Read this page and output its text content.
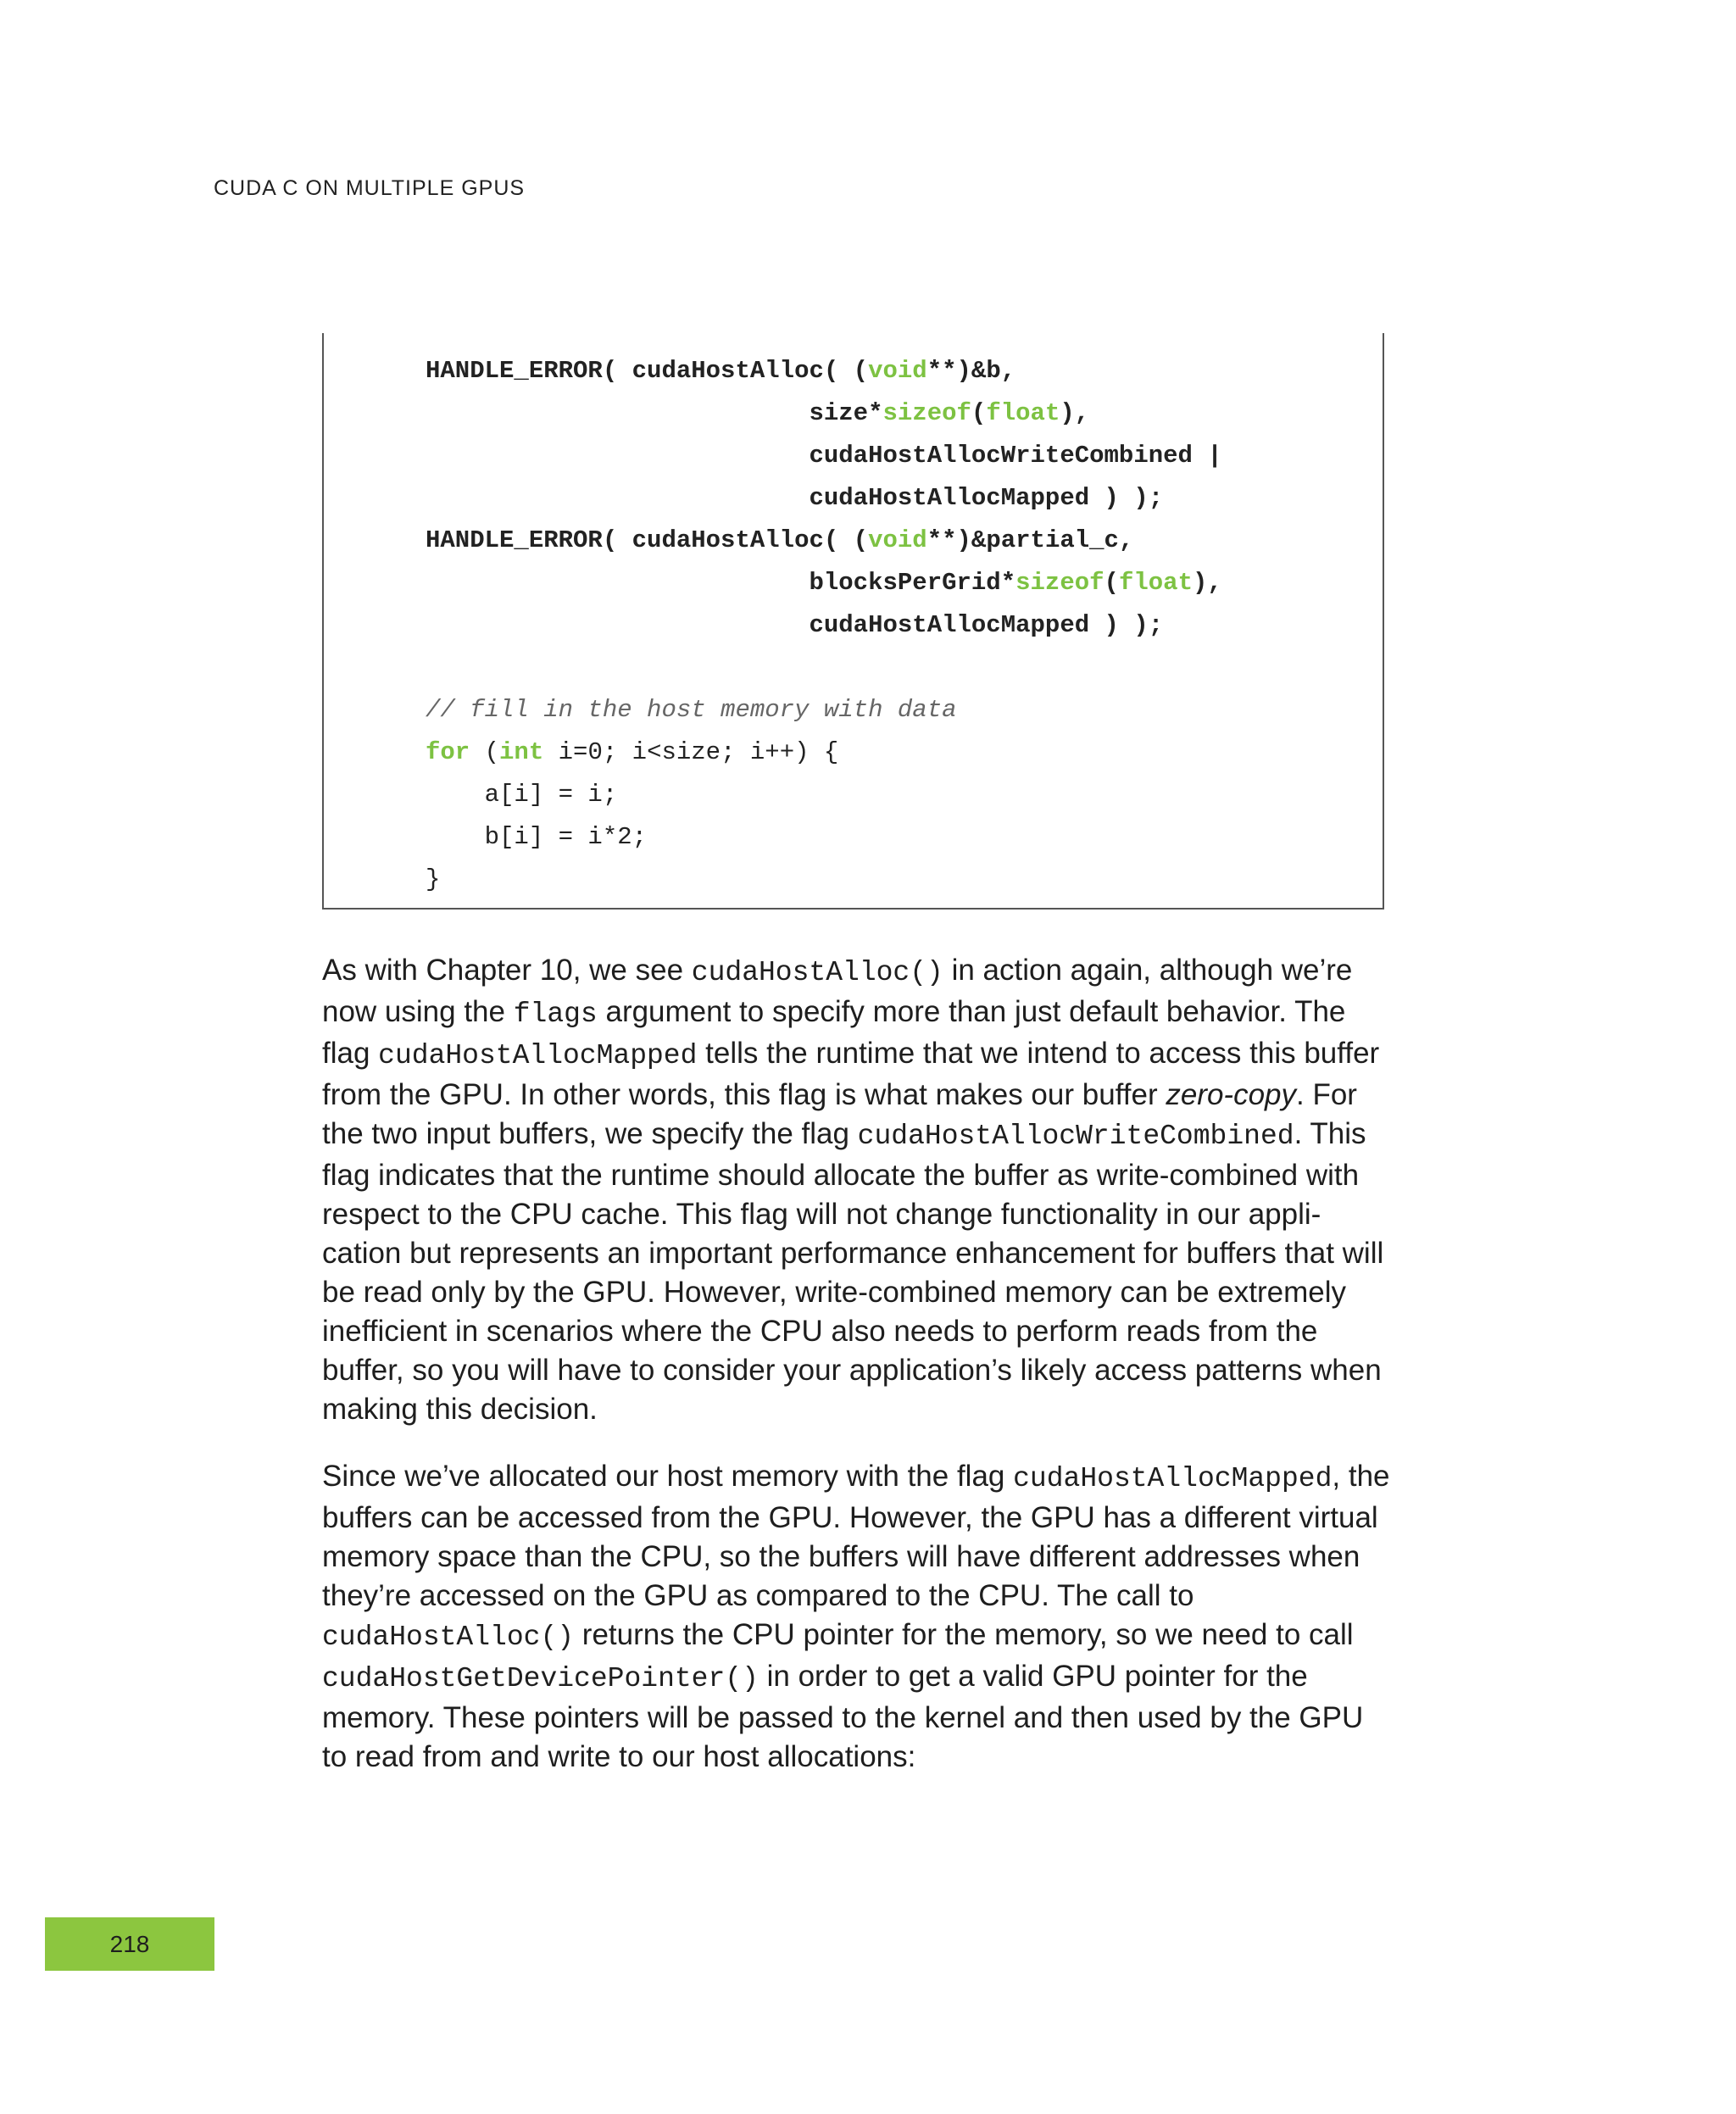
CUDA C ON MULTIPLE GPUS
HANDLE_ERROR( cudaHostAlloc( (void**)&b,
size*sizeof(float),
cudaHostAllocWriteCombined |
cudaHostAllocMapped ) );
HANDLE_ERROR( cudaHostAlloc( (void**)&partial_c,
blocksPerGrid*sizeof(float),
cudaHostAllocMapped ) );

// fill in the host memory with data
for (int i=0; i<size; i++) {
a[i] = i;
b[i] = i*2;
}

As with Chapter 10, we see cudaHostAlloc() in action again, although we’re now using the flags argument to specify more than just default behavior. The flag cudaHostAllocMapped tells the runtime that we intend to access this buffer from the GPU. In other words, this flag is what makes our buffer zero-copy. For the two input buffers, we specify the flag cudaHostAllocWriteCombined. This flag indicates that the runtime should allocate the buffer as write-combined with respect to the CPU cache. This flag will not change functionality in our appli-cation but represents an important performance enhancement for buffers that will be read only by the GPU. However, write-combined memory can be extremely inefficient in scenarios where the CPU also needs to perform reads from the buffer, so you will have to consider your application’s likely access patterns when making this decision.

Since we’ve allocated our host memory with the flag cudaHostAllocMapped, the buffers can be accessed from the GPU. However, the GPU has a different virtual memory space than the CPU, so the buffers will have different addresses when they’re accessed on the GPU as compared to the CPU. The call to cudaHostAlloc() returns the CPU pointer for the memory, so we need to call cudaHostGetDevicePointer() in order to get a valid GPU pointer for the memory. These pointers will be passed to the kernel and then used by the GPU to read from and write to our host allocations:

218
